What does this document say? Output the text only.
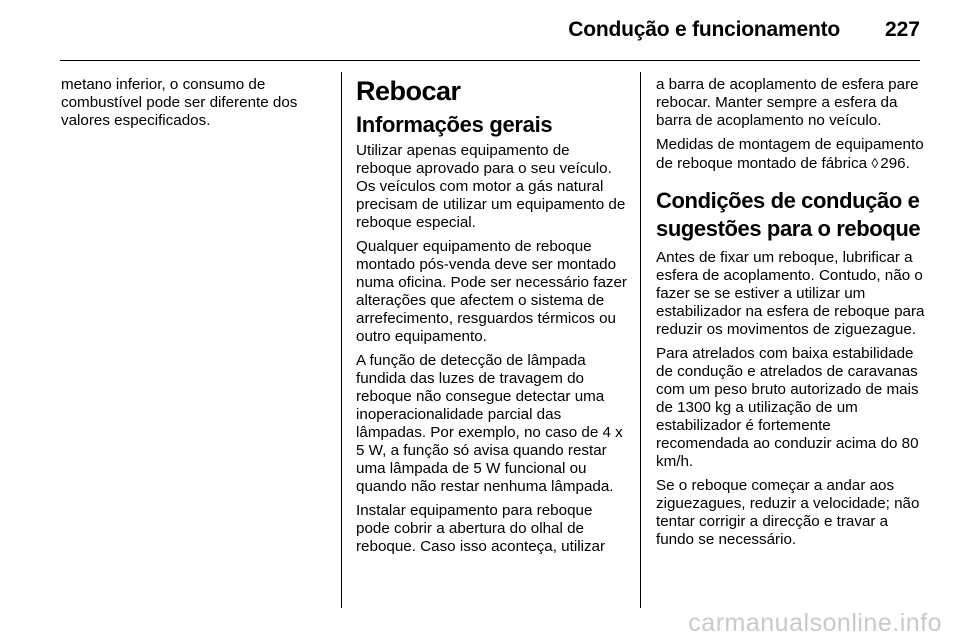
Condução e funcionamento 227

metano inferior, o consumo de combustível pode ser diferente dos valores especificados.

Rebocar
Informações gerais

Utilizar apenas equipamento de reboque aprovado para o seu veículo. Os veículos com motor a gás natural precisam de utilizar um equipamento de reboque especial.

Qualquer equipamento de reboque montado pós-venda deve ser montado numa oficina. Pode ser necessário fazer alterações que afectem o sistema de arrefecimento, resguardos térmicos ou outro equipamento.

A função de detecção de lâmpada fundida das luzes de travagem do reboque não consegue detectar uma inoperacionalidade parcial das lâmpadas. Por exemplo, no caso de 4 x 5 W, a função só avisa quando restar uma lâmpada de 5 W funcional ou quando não restar nenhuma lâmpada.

Instalar equipamento para reboque pode cobrir a abertura do olhal de reboque. Caso isso aconteça, utilizar

a barra de acoplamento de esfera pare rebocar. Manter sempre a esfera da barra de acoplamento no veículo.

Medidas de montagem de equipamento de reboque montado de fábrica ◊ 296.

Condições de condução e sugestões para o reboque

Antes de fixar um reboque, lubrificar a esfera de acoplamento. Contudo, não o fazer se se estiver a utilizar um estabilizador na esfera de reboque para reduzir os movimentos de ziguezague.

Para atrelados com baixa estabilidade de condução e atrelados de caravanas com um peso bruto autorizado de mais de 1300 kg a utilização de um estabilizador é fortemente recomendada ao conduzir acima do 80 km/h.

Se o reboque começar a andar aos ziguezagues, reduzir a velocidade; não tentar corrigir a direcção e travar a fundo se necessário.

carmanualsonline.info
